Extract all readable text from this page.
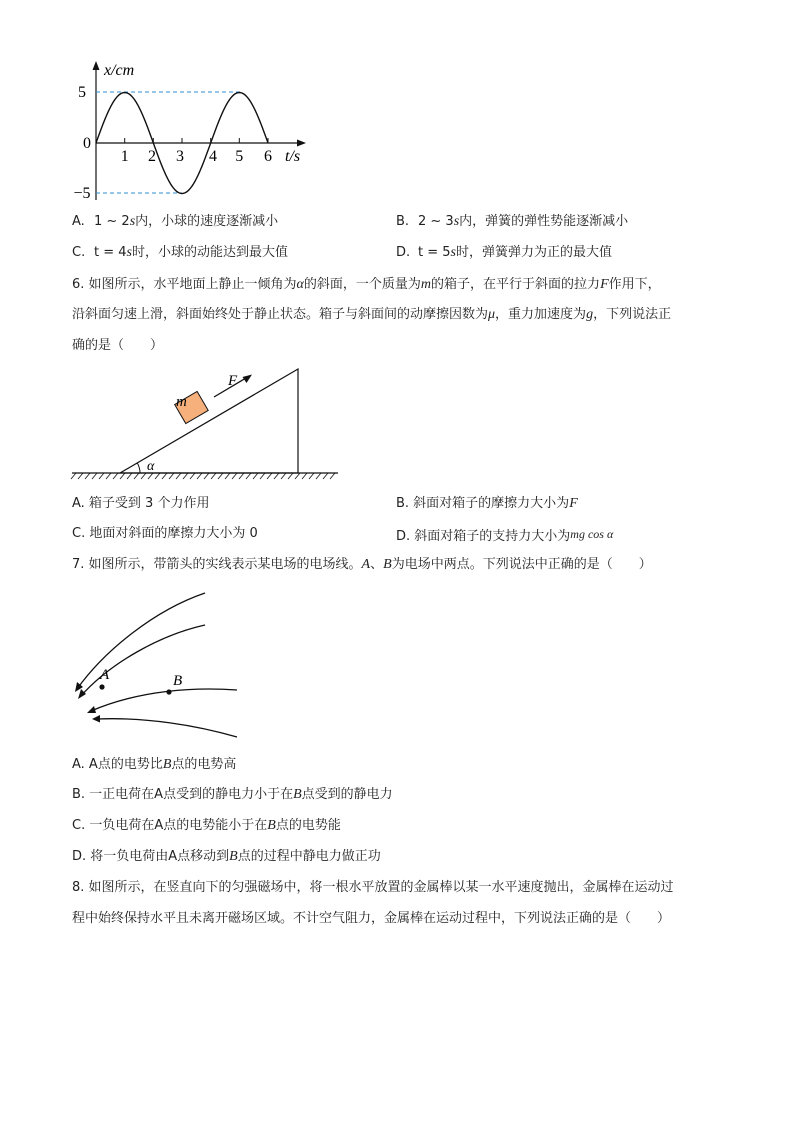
x/cm
5
0
−5
1 2 3 4 5 6 t/s
A. 1 ~ 2s内，小球的速度逐渐减小	B. 2 ~ 3s内，弹簧的弹性势能逐渐减小
C. t = 4s时，小球的动能达到最大值	D. t = 5s时，弹簧弹力为正的最大值
6. 如图所示，水平地面上静止一倾角为α的斜面，一个质量为m的箱子，在平行于斜面的拉力F作用下，
沿斜面匀速上滑，斜面始终处于静止状态。箱子与斜面间的动摩擦因数为μ，重力加速度为g，下列说法正
确的是（　　）
α
m
F
A. 箱子受到 3 个力作用	B. 斜面对箱子的摩擦力大小为F
C. 地面对斜面的摩擦力大小为 0	D. 斜面对箱子的支持力大小为mg cos α
7. 如图所示，带箭头的实线表示某电场的电场线。A、B为电场中两点。下列说法中正确的是（　　）
A	B
A. A点的电势比B点的电势高
B. 一正电荷在A点受到的静电力小于在B点受到的静电力
C. 一负电荷在A点的电势能小于在B点的电势能
D. 将一负电荷由A点移动到B点的过程中静电力做正功
8. 如图所示，在竖直向下的匀强磁场中，将一根水平放置的金属棒以某一水平速度抛出，金属棒在运动过
程中始终保持水平且未离开磁场区域。不计空气阻力，金属棒在运动过程中，下列说法正确的是（　　）
